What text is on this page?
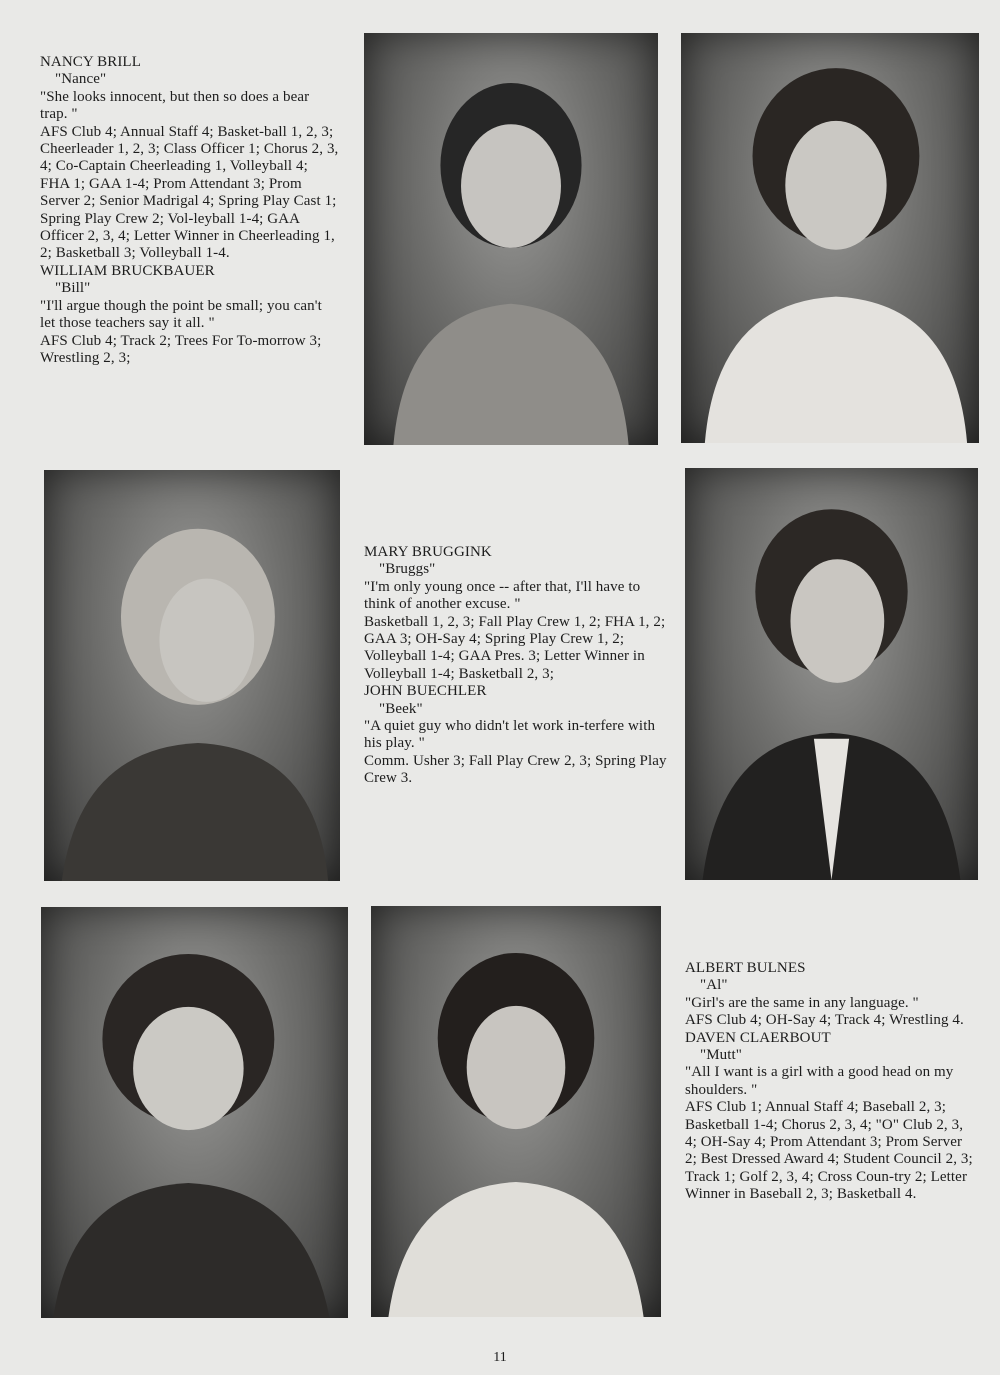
NANCY BRILL
"Nance"
"She looks innocent, but then so does a bear trap. "
AFS Club 4; Annual Staff 4; Basket-ball 1, 2, 3; Cheerleader 1, 2, 3; Class Officer 1; Chorus 2, 3, 4; Co-Captain Cheerleading 1, Volleyball 4; FHA 1; GAA 1-4; Prom Attendant 3; Prom Server 2; Senior Madrigal 4; Spring Play Cast 1; Spring Play Crew 2; Vol-leyball 1-4; GAA Officer 2, 3, 4; Letter Winner in Cheerleading 1, 2; Basketball 3; Volleyball 1-4.
WILLIAM BRUCKBAUER
"Bill"
"I'll argue though the point be small; you can't let those teachers say it all. "
AFS Club 4; Track 2; Trees For To-morrow 3; Wrestling 2, 3;
MARY BRUGGINK
"Bruggs"
"I'm only young once -- after that, I'll have to think of another excuse. "
Basketball 1, 2, 3; Fall Play Crew 1, 2; FHA 1, 2; GAA 3; OH-Say 4; Spring Play Crew 1, 2; Volleyball 1-4; GAA Pres. 3; Letter Winner in Volleyball 1-4; Basketball 2, 3;
JOHN BUECHLER
"Beek"
"A quiet guy who didn't let work in-terfere with his play. "
Comm. Usher 3; Fall Play Crew 2, 3; Spring Play Crew 3.
ALBERT BULNES
"Al"
"Girl's are the same in any language. "
AFS Club 4; OH-Say 4; Track 4; Wrestling 4.
DAVEN CLAERBOUT
"Mutt"
"All I want is a girl with a good head on my shoulders. "
AFS Club 1; Annual Staff 4; Baseball 2, 3; Basketball 1-4; Chorus 2, 3, 4; "O" Club 2, 3, 4; OH-Say 4; Prom Attendant 3; Prom Server 2; Best Dressed Award 4; Student Council 2, 3; Track 1; Golf 2, 3, 4; Cross Coun-try 2; Letter Winner in Baseball 2, 3; Basketball 4.
11
